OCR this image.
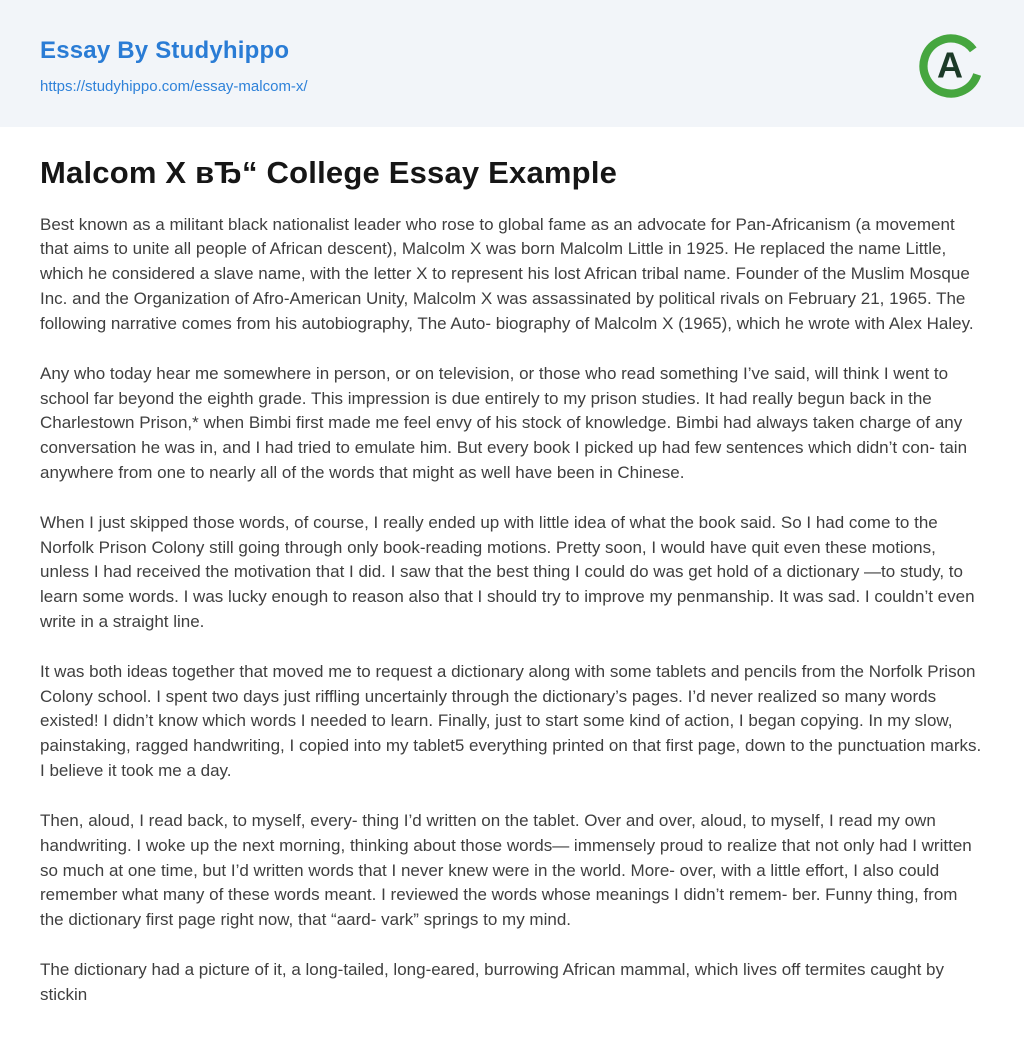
Essay By Studyhippo
https://studyhippo.com/essay-malcom-x/
A
Malcom X вЂ“ College Essay Example

Best known as a militant black nationalist leader who rose to global fame as an advocate for Pan-Africanism (a movement that aims to unite all people of African descent), Malcolm X was born Malcolm Little in 1925. He replaced the name Little, which he considered a slave name, with the letter X to represent his lost African tribal name. Founder of the Muslim Mosque Inc. and the Organization of Afro-American Unity, Malcolm X was assassinated by political rivals on February 21, 1965. The following narrative comes from his autobiography, The Auto- biography of Malcolm X (1965), which he wrote with Alex Haley.

Any who today hear me somewhere in person, or on television, or those who read something I’ve said, will think I went to school far beyond the eighth grade. This impression is due entirely to my prison studies. It had really begun back in the Charlestown Prison,* when Bimbi first made me feel envy of his stock of knowledge. Bimbi had always taken charge of any conversation he was in, and I had tried to emulate him. But every book I picked up had few sentences which didn’t con- tain anywhere from one to nearly all of the words that might as well have been in Chinese.

When I just skipped those words, of course, I really ended up with little idea of what the book said. So I had come to the Norfolk Prison Colony still going through only book-reading motions. Pretty soon, I would have quit even these motions, unless I had received the motivation that I did. I saw that the best thing I could do was get hold of a dictionary —to study, to learn some words. I was lucky enough to reason also that I should try to improve my penmanship. It was sad. I couldn’t even write in a straight line.

It was both ideas together that moved me to request a dictionary along with some tablets and pencils from the Norfolk Prison Colony school. I spent two days just riffling uncertainly through the dictionary’s pages. I’d never realized so many words existed! I didn’t know which words I needed to learn. Finally, just to start some kind of action, I began copying. In my slow, painstaking, ragged handwriting, I copied into my tablet5 everything printed on that first page, down to the punctuation marks. I believe it took me a day.

Then, aloud, I read back, to myself, every- thing I’d written on the tablet. Over and over, aloud, to myself, I read my own handwriting. I woke up the next morning, thinking about those words— immensely proud to realize that not only had I written so much at one time, but I’d written words that I never knew were in the world. More- over, with a little effort, I also could remember what many of these words meant. I reviewed the words whose meanings I didn’t remem- ber. Funny thing, from the dictionary first page right now, that “aard- vark” springs to my mind.

The dictionary had a picture of it, a long-tailed, long-eared, burrowing African mammal, which lives off termites caught by stickin
